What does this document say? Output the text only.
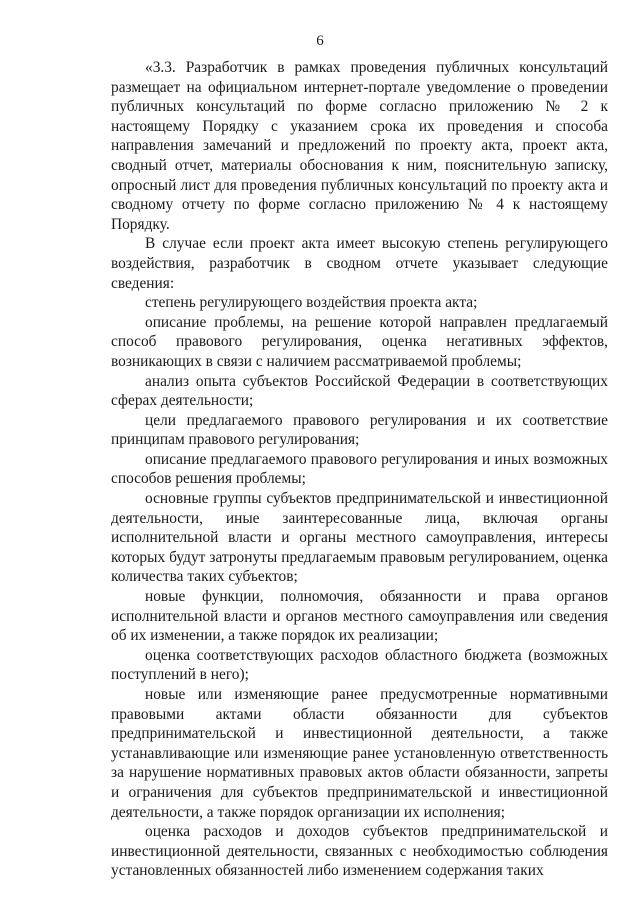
6

«3.3. Разработчик в рамках проведения публичных консультаций размещает на официальном интернет-портале уведомление о проведении публичных консультаций по форме согласно приложению № 2 к настоящему Порядку с указанием срока их проведения и способа направления замечаний и предложений по проекту акта, проект акта, сводный отчет, материалы обоснования к ним, пояснительную записку, опросный лист для проведения публичных консультаций по проекту акта и сводному отчету по форме согласно приложению № 4 к настоящему Порядку.

В случае если проект акта имеет высокую степень регулирующего воздействия, разработчик в сводном отчете указывает следующие сведения:

степень регулирующего воздействия проекта акта;

описание проблемы, на решение которой направлен предлагаемый способ правового регулирования, оценка негативных эффектов, возникающих в связи с наличием рассматриваемой проблемы;

анализ опыта субъектов Российской Федерации в соответствующих сферах деятельности;

цели предлагаемого правового регулирования и их соответствие принципам правового регулирования;

описание предлагаемого правового регулирования и иных возможных способов решения проблемы;

основные группы субъектов предпринимательской и инвестиционной деятельности, иные заинтересованные лица, включая органы исполнительной власти и органы местного самоуправления, интересы которых будут затронуты предлагаемым правовым регулированием, оценка количества таких субъектов;

новые функции, полномочия, обязанности и права органов исполнительной власти и органов местного самоуправления или сведения об их изменении, а также порядок их реализации;

оценка соответствующих расходов областного бюджета (возможных поступлений в него);

новые или изменяющие ранее предусмотренные нормативными правовыми актами области обязанности для субъектов предпринимательской и инвестиционной деятельности, а также устанавливающие или изменяющие ранее установленную ответственность за нарушение нормативных правовых актов области обязанности, запреты и ограничения для субъектов предпринимательской и инвестиционной деятельности, а также порядок организации их исполнения;

оценка расходов и доходов субъектов предпринимательской и инвестиционной деятельности, связанных с необходимостью соблюдения установленных обязанностей либо изменением содержания таких
